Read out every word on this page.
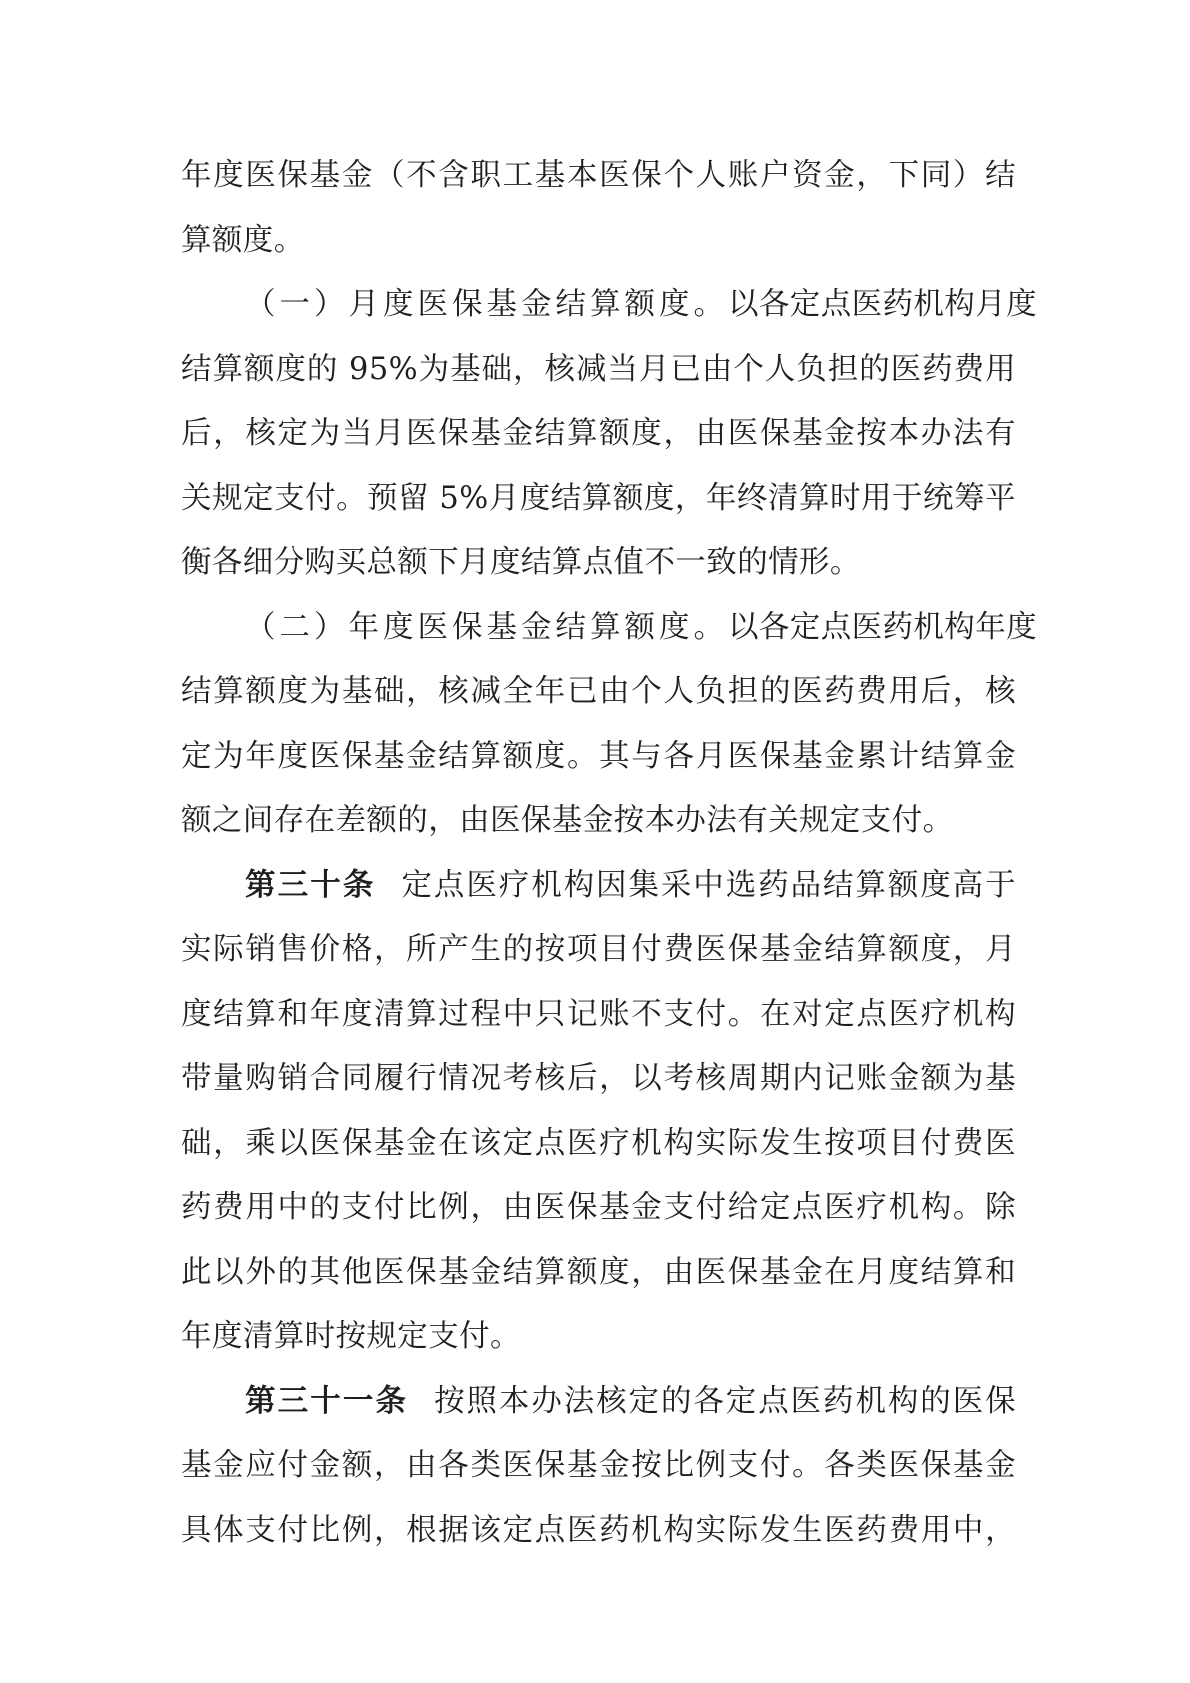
年度医保基金（不含职工基本医保个人账户资金，下同）结
算额度。

（一）月度医保基金结算额度。以各定点医药机构月度
结算额度的 95%为基础，核减当月已由个人负担的医药费用
后，核定为当月医保基金结算额度，由医保基金按本办法有
关规定支付。预留 5%月度结算额度，年终清算时用于统筹平
衡各细分购买总额下月度结算点值不一致的情形。

（二）年度医保基金结算额度。以各定点医药机构年度
结算额度为基础，核减全年已由个人负担的医药费用后，核
定为年度医保基金结算额度。其与各月医保基金累计结算金
额之间存在差额的，由医保基金按本办法有关规定支付。

第三十条 定点医疗机构因集采中选药品结算额度高于
实际销售价格，所产生的按项目付费医保基金结算额度，月
度结算和年度清算过程中只记账不支付。在对定点医疗机构
带量购销合同履行情况考核后，以考核周期内记账金额为基
础，乘以医保基金在该定点医疗机构实际发生按项目付费医
药费用中的支付比例，由医保基金支付给定点医疗机构。除
此以外的其他医保基金结算额度，由医保基金在月度结算和
年度清算时按规定支付。

第三十一条 按照本办法核定的各定点医药机构的医保
基金应付金额，由各类医保基金按比例支付。各类医保基金
具体支付比例，根据该定点医药机构实际发生医药费用中，
